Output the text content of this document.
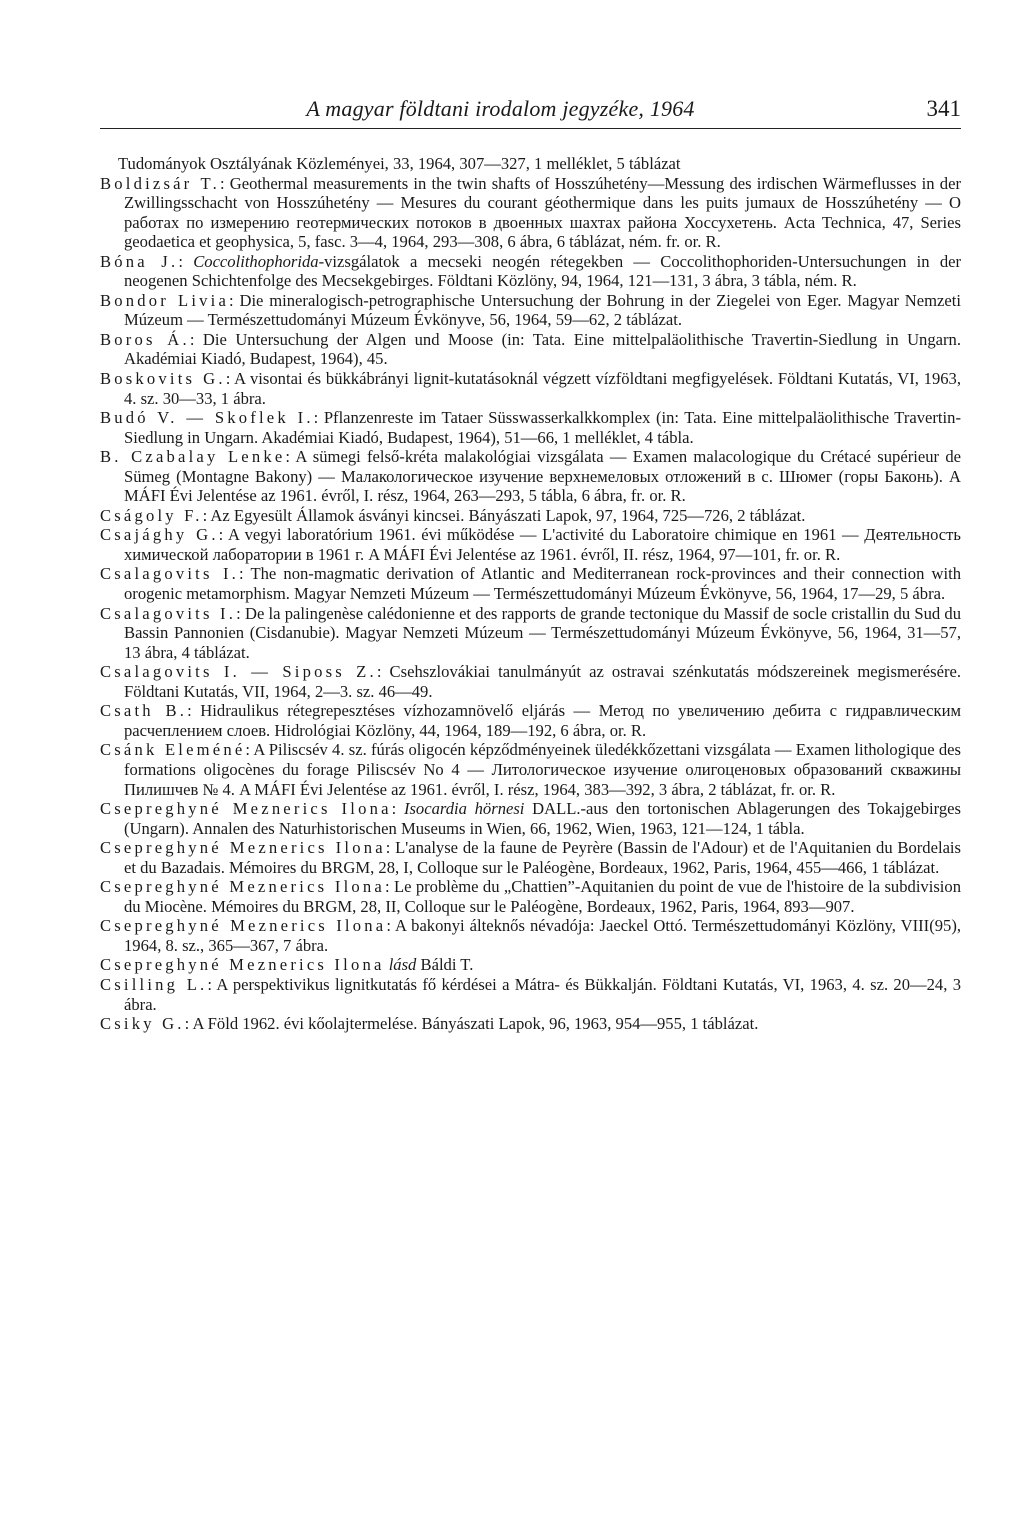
A magyar földtani irodalom jegyzéke, 1964	341

Tudományok Osztályának Közleményei, 33, 1964, 307—327, 1 melléklet, 5 táblázat

Boldizsár T.: Geothermal measurements in the twin shafts of Hosszúhetény—Messung des irdischen Wärmeflusses in der Zwillingsschacht von Hosszúhetény — Mesures du courant géothermique dans les puits jumaux de Hosszúhetény — О работах по измерению геотермических потоков в двоенных шахтах района Хоссухетень. Acta Technica, 47, Series geodaetica et geophysica, 5, fasc. 3—4, 1964, 293—308, 6 ábra, 6 táblázat, ném. fr. or. R.

Bóna J.: Coccolithophorida-vizsgálatok a mecseki neogén rétegekben — Coccolithophoriden-Untersuchungen in der neogenen Schichtenfolge des Mecsekgebirges. Földtani Közlöny, 94, 1964, 121—131, 3 ábra, 3 tábla, ném. R.

Bondor Livia: Die mineralogisch-petrographische Untersuchung der Bohrung in der Ziegelei von Eger. Magyar Nemzeti Múzeum — Természettudományi Múzeum Évkönyve, 56, 1964, 59—62, 2 táblázat.

Boros Á.: Die Untersuchung der Algen und Moose (in: Tata. Eine mittelpaläolithische Travertin-Siedlung in Ungarn. Akadémiai Kiadó, Budapest, 1964), 45.

Boskovits G.: A visontai és bükkábrányi lignit-kutatásoknál végzett vízföldtani megfigyelések. Földtani Kutatás, VI, 1963, 4. sz. 30—33, 1 ábra.

Budó V. — Skoflek I.: Pflanzenreste im Tataer Süsswasserkalkkomplex (in: Tata. Eine mittelpaläolithische Travertin-Siedlung in Ungarn. Akadémiai Kiadó, Budapest, 1964), 51—66, 1 melléklet, 4 tábla.

B. Czabalay Lenke: A sümegi felső-kréta malakológiai vizsgálata — Examen malacologique du Crétacé supérieur de Sümeg (Montagne Bakony) — Малакологическое изучение верхнемеловых отложений в с. Шюмег (горы Баконь). A MÁFI Évi Jelentése az 1961. évről, I. rész, 1964, 263—293, 5 tábla, 6 ábra, fr. or. R.

Cságoly F.: Az Egyesült Államok ásványi kincsei. Bányászati Lapok, 97, 1964, 725—726, 2 táblázat.

Csajághy G.: A vegyi laboratórium 1961. évi működése — L'activité du Laboratoire chimique en 1961 — Деятельность химической лаборатории в 1961 г. A MÁFI Évi Jelentése az 1961. évről, II. rész, 1964, 97—101, fr. or. R.

Csalagovits I.: The non-magmatic derivation of Atlantic and Mediterranean rock-provinces and their connection with orogenic metamorphism. Magyar Nemzeti Múzeum — Természettudományi Múzeum Évkönyve, 56, 1964, 17—29, 5 ábra.

Csalagovits I.: De la palingenèse calédonienne et des rapports de grande tectonique du Massif de socle cristallin du Sud du Bassin Pannonien (Cisdanubie). Magyar Nemzeti Múzeum — Természettudományi Múzeum Évkönyve, 56, 1964, 31—57, 13 ábra, 4 táblázat.

Csalagovits I. — Siposs Z.: Csehszlovákiai tanulmányút az ostravai szénkutatás módszereinek megismerésére. Földtani Kutatás, VII, 1964, 2—3. sz. 46—49.

Csath B.: Hidraulikus rétegrepesztéses vízhozamnövelő eljárás — Метод по увеличению дебита с гидравлическим расчеплением слоев. Hidrológiai Közlöny, 44, 1964, 189—192, 6 ábra, or. R.

Csánk Eleméné: A Piliscsév 4. sz. fúrás oligocén képződményeinek üledékkőzettani vizsgálata — Examen lithologique des formations oligocènes du forage Piliscsév No 4 — Литологическое изучение олигоценовых образований скважины Пилишчев № 4. A MÁFI Évi Jelentése az 1961. évről, I. rész, 1964, 383—392, 3 ábra, 2 táblázat, fr. or. R.

Csepreghyné Meznerics Ilona: Isocardia hörnesi DALL.-aus den tortonischen Ablagerungen des Tokajgebirges (Ungarn). Annalen des Naturhistorischen Museums in Wien, 66, 1962, Wien, 1963, 121—124, 1 tábla.

Csepreghyné Meznerics Ilona: L'analyse de la faune de Peyrère (Bassin de l'Adour) et de l'Aquitanien du Bordelais et du Bazadais. Mémoires du BRGM, 28, I, Colloque sur le Paléogène, Bordeaux, 1962, Paris, 1964, 455—466, 1 táblázat.

Csepreghyné Meznerics Ilona: Le problème du „Chattien”-Aquitanien du point de vue de l'histoire de la subdivision du Miocène. Mémoires du BRGM, 28, II, Colloque sur le Paléogène, Bordeaux, 1962, Paris, 1964, 893—907.

Csepreghyné Meznerics Ilona: A bakonyi álteknős névadója: Jaeckel Ottó. Természettudományi Közlöny, VIII(95), 1964, 8. sz., 365—367, 7 ábra.

Csepreghyné Meznerics Ilona lásd Báldi T.

Csilling L.: A perspektivikus lignitkutatás fő kérdései a Mátra- és Bükkalján. Földtani Kutatás, VI, 1963, 4. sz. 20—24, 3 ábra.

Csiky G.: A Föld 1962. évi kőolajtermelése. Bányászati Lapok, 96, 1963, 954—955, 1 táblázat.
